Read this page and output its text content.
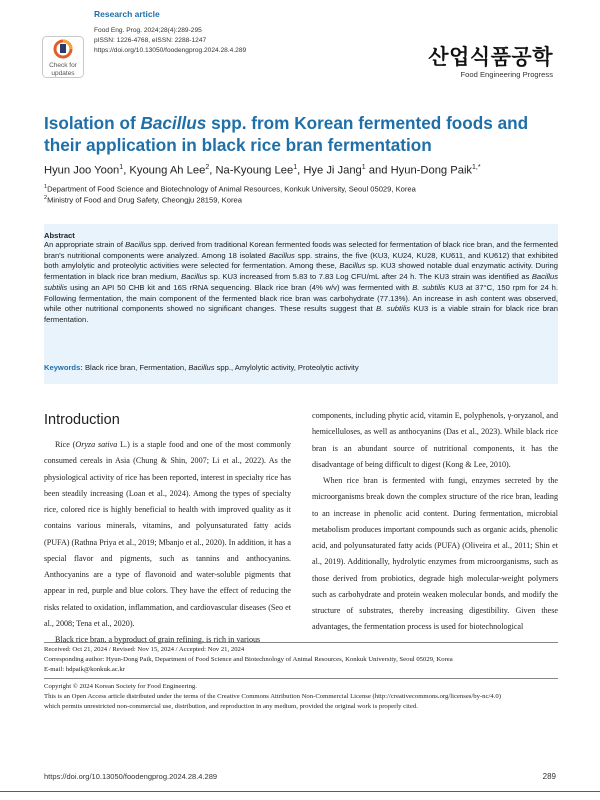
Check for
updates
Research article
Food Eng. Prog. 2024;28(4):289-295
pISSN: 1226-4768, eISSN: 2288-1247
https://doi.org/10.13050/foodengprog.2024.28.4.289	산업식품공학
Food Engineering Progress
Isolation of Bacillus spp. from Korean fermented foods and their application in black rice bran fermentation
Hyun Joo Yoon$^1$, Kyoung Ah Lee$^2$, Na-Kyoung Lee$^1$, Hye Ji Jang$^1$ and Hyun-Dong Paik$^{1,*}$
$^1$Department of Food Science and Biotechnology of Animal Resources, Konkuk University, Seoul 05029, Korea
$^2$Ministry of Food and Drug Safety, Cheongju 28159, Korea
Abstract
An appropriate strain of Bacillus spp. derived from traditional Korean fermented foods was selected for fermentation of black rice bran, and the fermented bran's nutritional components were analyzed. Among 18 isolated Bacillus spp. strains, the five (KU3, KU24, KU28, KU611, and KU612) that exhibited both amylolytic and proteolytic activities were selected for fermentation. Among these, Bacillus sp. KU3 showed notable dual enzymatic activity. During fermentation in black rice bran medium, Bacillus sp. KU3 increased from 5.83 to 7.83 Log CFU/mL after 24 h. The KU3 strain was identified as Bacillus subtilis using an API 50 CHB kit and 16S rRNA sequencing. Black rice bran (4% w/v) was fermented with B. subtilis KU3 at 37°C, 150 rpm for 24 h. Following fermentation, the main component of the fermented black rice bran was carbohydrate (77.13%). An increase in ash content was observed, while other nutritional components showed no significant changes. These results suggest that B. subtilis KU3 is a viable strain for black rice bran fermentation.
Keywords: Black rice bran, Fermentation, Bacillus spp., Amylolytic activity, Proteolytic activity
Introduction

Rice (Oryza sativa L.) is a staple food and one of the most commonly consumed cereals in Asia (Chung & Shin, 2007; Li et al., 2022). As the physiological activity of rice has been reported, interest in specialty rice has been steadily increasing (Loan et al., 2024). Among the types of specialty rice, colored rice is highly beneficial to health with improved quality as it contains various minerals, vitamins, and polyunsaturated fatty acids (PUFA) (Rathna Priya et al., 2019; Mbanjo et al., 2020). In addition, it has a special flavor and pigments, such as tannins and anthocyanins. Anthocyanins are a type of flavonoid and water-soluble pigments that appear in red, purple and blue colors. They have the effect of reducing the risks related to oxidation, inflammation, and cardiovascular diseases (Seo et al., 2008; Tena et al., 2020).

Black rice bran, a byproduct of grain refining, is rich in various

components, including phytic acid, vitamin E, polyphenols, γ-oryzanol, and hemicelluloses, as well as anthocyanins (Das et al., 2023). While black rice bran is an abundant source of nutritional components, it has the disadvantage of being difficult to digest (Kong & Lee, 2010).

When rice bran is fermented with fungi, enzymes secreted by the microorganisms break down the complex structure of the rice bran, leading to an increase in phenolic acid content. During fermentation, microbial metabolism produces important compounds such as organic acids, phenolic acid, and polyunsaturated fatty acids (PUFA) (Oliveira et al., 2011; Shin et al., 2019). Additionally, hydrolytic enzymes from microorganisms, such as those derived from probiotics, degrade high molecular-weight polymers such as carbohydrate and protein weaken molecular bonds, and modify the structure of substrates, thereby increasing digestibility. Given these advantages, the fermentation process is used for biotechnological

Received: Oct 21, 2024 / Revised: Nov 15, 2024 / Accepted: Nov 21, 2024
Corresponding author: Hyun-Dong Paik, Department of Food Science and Biotechnology of Animal Resources, Konkuk University, Seoul 05029, Korea
E-mail: hdpaik@konkuk.ac.kr
Copyright © 2024 Korean Society for Food Engineering.
This is an Open Access article distributed under the terms of the Creative Commons Attribution Non-Commercial License (http://creativecommons.org/licenses/by-nc/4.0)
which permits unrestricted non-commercial use, distribution, and reproduction in any medium, provided the original work is properly cited.
https://doi.org/10.13050/foodengprog.2024.28.4.289	289
